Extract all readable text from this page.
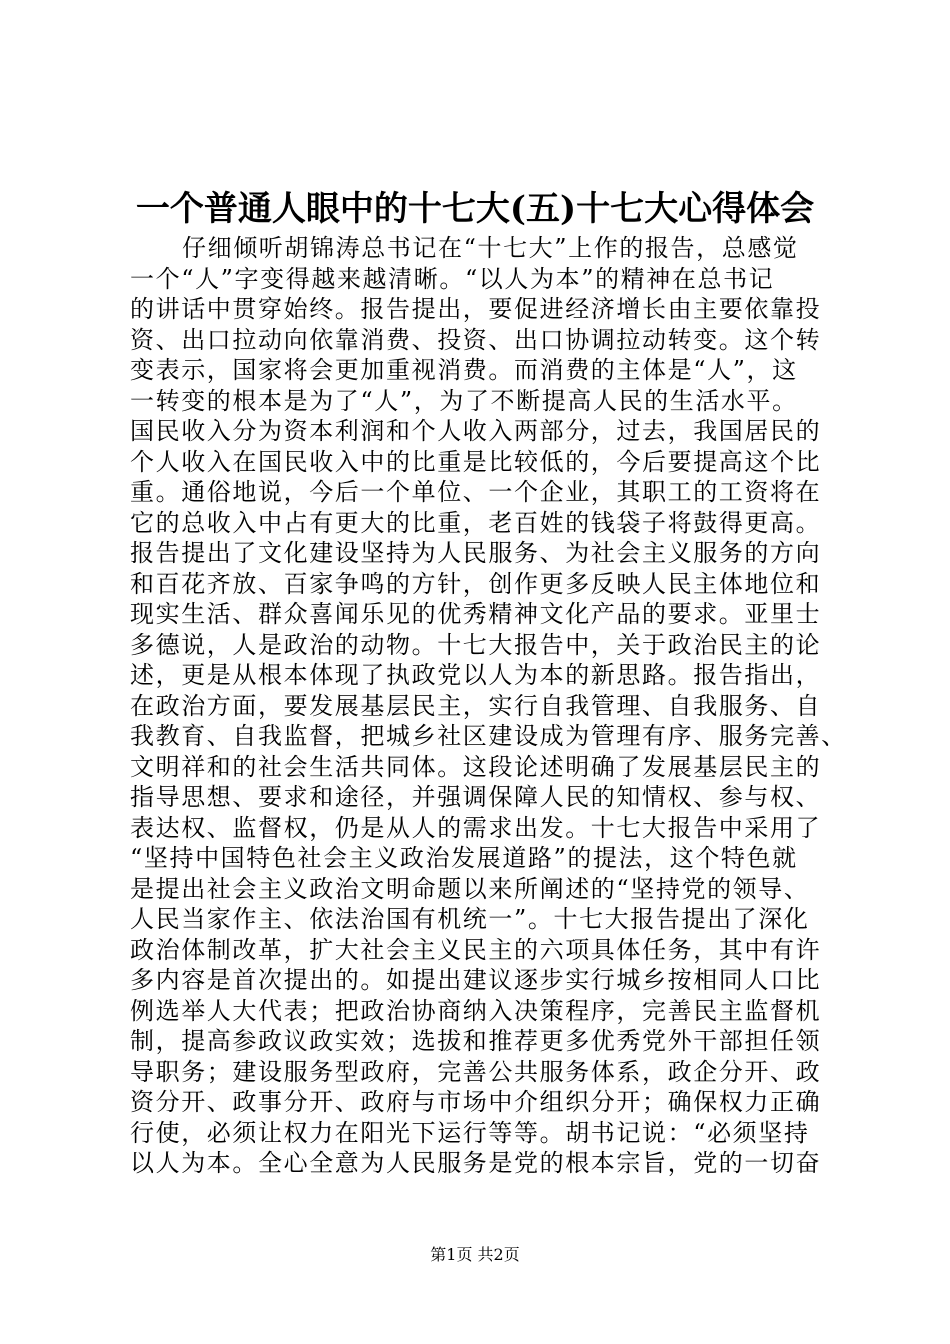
一个普通人眼中的十七大(五)十七大心得体会
仔细倾听胡锦涛总书记在“十七大”上作的报告，总感觉
一个“人”字变得越来越清晰。“以人为本”的精神在总书记
的讲话中贯穿始终。报告提出，要促进经济增长由主要依靠投
资、出口拉动向依靠消费、投资、出口协调拉动转变。这个转
变表示，国家将会更加重视消费。而消费的主体是“人”，这
一转变的根本是为了“人”，为了不断提高人民的生活水平。
国民收入分为资本利润和个人收入两部分，过去，我国居民的
个人收入在国民收入中的比重是比较低的，今后要提高这个比
重。通俗地说，今后一个单位、一个企业，其职工的工资将在
它的总收入中占有更大的比重，老百姓的钱袋子将鼓得更高。
报告提出了文化建设坚持为人民服务、为社会主义服务的方向
和百花齐放、百家争鸣的方针，创作更多反映人民主体地位和
现实生活、群众喜闻乐见的优秀精神文化产品的要求。亚里士
多德说，人是政治的动物。十七大报告中，关于政治民主的论
述，更是从根本体现了执政党以人为本的新思路。报告指出，
在政治方面，要发展基层民主，实行自我管理、自我服务、自
我教育、自我监督，把城乡社区建设成为管理有序、服务完善、
文明祥和的社会生活共同体。这段论述明确了发展基层民主的
指导思想、要求和途径，并强调保障人民的知情权、参与权、
表达权、监督权，仍是从人的需求出发。十七大报告中采用了
“坚持中国特色社会主义政治发展道路”的提法，这个特色就
是提出社会主义政治文明命题以来所阐述的“坚持党的领导、
人民当家作主、依法治国有机统一”。十七大报告提出了深化
政治体制改革，扩大社会主义民主的六项具体任务，其中有许
多内容是首次提出的。如提出建议逐步实行城乡按相同人口比
例选举人大代表；把政治协商纳入决策程序，完善民主监督机
制，提高参政议政实效；选拔和推荐更多优秀党外干部担任领
导职务；建设服务型政府，完善公共服务体系，政企分开、政
资分开、政事分开、政府与市场中介组织分开；确保权力正确
行使，必须让权力在阳光下运行等等。胡书记说：“必须坚持
以人为本。全心全意为人民服务是党的根本宗旨，党的一切奋
第1页 共2页
